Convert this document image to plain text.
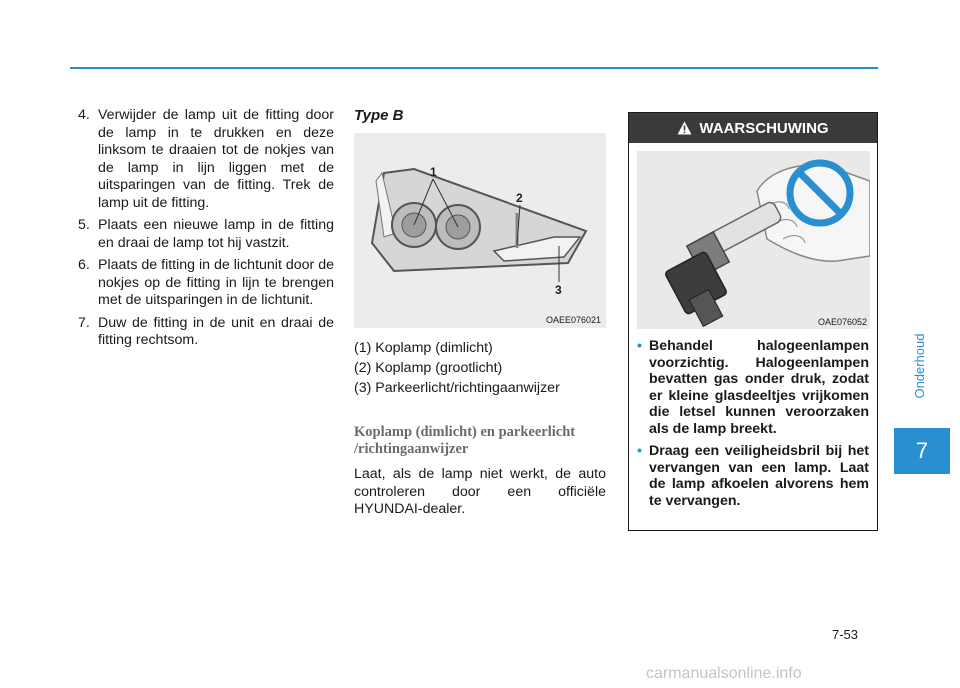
4. Verwijder de lamp uit de fitting door de lamp in te drukken en deze linksom te draaien tot de nokjes van de lamp in lijn liggen met de uitsparingen van de fitting. Trek de lamp uit de fitting.
5. Plaats een nieuwe lamp in de fitting en draai de lamp tot hij vastzit.
6. Plaats de fitting in de lichtunit door de nokjes op de fitting in lijn te brengen met de uitsparingen in de lichtunit.
7. Duw de fitting in de unit en draai de fitting rechtsom.
Type B
1
2
3
OAEE076021
(1) Koplamp (dimlicht)
(2) Koplamp (grootlicht)
(3) Parkeerlicht/richtingaanwijzer
Koplamp (dimlicht) en parkeerlicht /richtingaanwijzer
Laat, als de lamp niet werkt, de auto controleren door een officiële HYUNDAI-dealer.
WAARSCHUWING
OAE076052
• Behandel halogeenlampen voorzichtig. Halogeenlampen bevatten gas onder druk, zodat er kleine glasdeeltjes vrijkomen die letsel kunnen veroorzaken als de lamp breekt.
• Draag een veiligheidsbril bij het vervangen van een lamp. Laat de lamp afkoelen alvorens hem te vervangen.
Onderhoud
7
7-53
carmanualsonline.info
